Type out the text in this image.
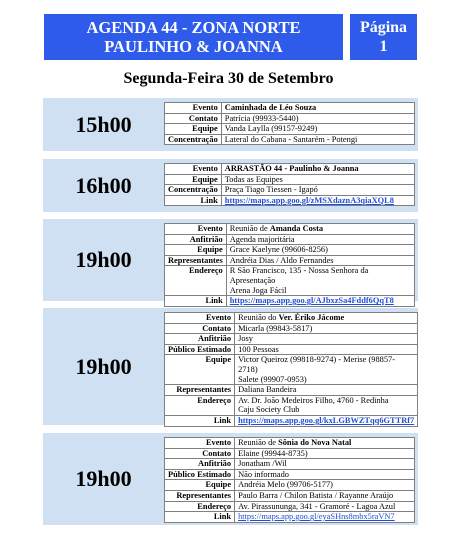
AGENDA 44 - ZONA NORTE
PAULINHO & JOANNA
Página
1
Segunda-Feira 30 de Setembro
15h00
Evento	Caminhada de Léo Souza
Contato	Patrícia (99933-5440)
Equipe	Vanda Laylla (99157-9249)
Concentração	Lateral do Cabana - Santarém - Potengi
16h00
Evento	ARRASTÃO 44 - Paulinho & Joanna
Equipe	Todas as Equipes
Concentração	Praça Tiago Tiessen - Igapó
Link	https://maps.app.goo.gl/zMSXdaznA3qiaXQL8
19h00
Evento	Reunião de Amanda Costa
Anfitrião	Agenda majoritária
Equipe	Grace Kaelyne (99606-8256)
Representantes	Andréia Dias / Aldo Fernandes
Endereço	R São Francisco, 135 - Nossa Senhora da Apresentação
Arena Joga Fácil

Link	https://maps.app.goo.gl/AJbxzSa4Fddf6QqT8
19h00
Evento	Reunião do Ver. Ériko Jácome
Contato	Micarla (99843-5817)
Anfitrião	Josy
Público Estimado	100 Pessoas
Equipe	Victor Queiroz (99818-9274) - Merise (98857-2718)
Salete (99907-0953)

Representantes	Daliana Bandeira
Endereço	Av. Dr. João Medeiros Filho, 4760 - Redinha
Caju Society Club

Link	https://maps.app.goo.gl/kxLGBWZTqq6GTTRf7
19h00
Evento	Reunião de Sônia do Nova Natal
Contato	Elaine (99944-8735)
Anfitrião	Jonatham /Wil
Público Estimado	Não informado
Equipe	Andréia Melo (99706-5177)
Representantes	Paulo Barra / Chilon Batista / Rayanne Araújo
Endereço	Av. Pirassununga, 341 - Gramoré - Lagoa Azul
Link	https://maps.app.goo.gl/eyaSHns8mbx5raVN7
